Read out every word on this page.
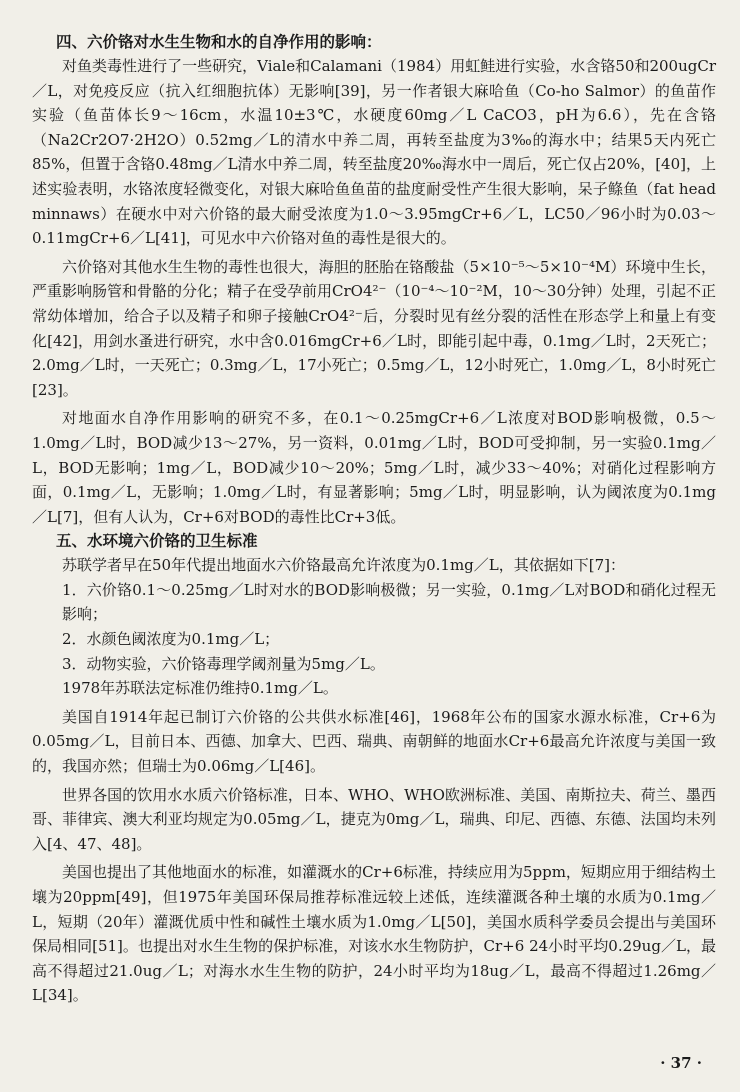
四、六价铬对水生生物和水的自净作用的影响：

对鱼类毒性进行了一些研究，Viale和Calamani（1984）用虹鲑进行实验，水含铬50和200ugCr／L，对免疫反应（抗入红细胞抗体）无影响[39]，另一作者银大麻哈鱼（Co-ho Salmor）的鱼苗作实验（鱼苗体长9～16cm，水温10±3℃，水硬度60mg／L CaCO3，pH为6.6），先在含铬（Na2Cr2O7·2H2O）0.52mg／L的清水中养二周，再转至盐度为3‰的海水中；结果5天内死亡85%，但置于含铬0.48mg／L清水中养二周，转至盐度20‰海水中一周后，死亡仅占20%，[40]，上述实验表明，水铬浓度轻微变化，对银大麻哈鱼鱼苗的盐度耐受性产生很大影响，呆子鲦鱼（fat head minnaws）在硬水中对六价铬的最大耐受浓度为1.0～3.95mgCr+6／L，LC50／96小时为0.03～0.11mgCr+6／L[41]，可见水中六价铬对鱼的毒性是很大的。

六价铬对其他水生生物的毒性也很大，海胆的胚胎在铬酸盐（5×10⁻⁵～5×10⁻⁴M）环境中生长，严重影响肠管和骨骼的分化；精子在受孕前用CrO4²⁻（10⁻⁴～10⁻²M，10～30分钟）处理，引起不正常幼体增加，给合子以及精子和卵子接触CrO4²⁻后，分裂时见有丝分裂的活性在形态学上和量上有变化[42]，用剑水蚤进行研究，水中含0.016mgCr+6／L时，即能引起中毒，0.1mg／L时，2天死亡；2.0mg／L时，一天死亡；0.3mg／L，17小死亡；0.5mg／L，12小时死亡，1.0mg／L，8小时死亡[23]。

对地面水自净作用影响的研究不多，在0.1～0.25mgCr+6／L浓度对BOD影响极微，0.5～1.0mg／L时，BOD减少13～27%，另一资料，0.01mg／L时，BOD可受抑制，另一实验0.1mg／L，BOD无影响；1mg／L，BOD减少10～20%；5mg／L时，减少33～40%；对硝化过程影响方面，0.1mg／L，无影响；1.0mg／L时，有显著影响；5mg／L时，明显影响，认为阈浓度为0.1mg／L[7]，但有人认为，Cr+6对BOD的毒性比Cr+3低。

五、水环境六价铬的卫生标准

苏联学者早在50年代提出地面水六价铬最高允许浓度为0.1mg／L，其依据如下[7]：

1．六价铬0.1～0.25mg／L时对水的BOD影响极微；另一实验，0.1mg／L对BOD和硝化过程无影响；

2．水颜色阈浓度为0.1mg／L；

3．动物实验，六价铬毒理学阈剂量为5mg／L。

1978年苏联法定标准仍维持0.1mg／L。

美国自1914年起已制订六价铬的公共供水标准[46]，1968年公布的国家水源水标准，Cr+6为0.05mg／L，目前日本、西德、加拿大、巴西、瑞典、南朝鲜的地面水Cr+6最高允许浓度与美国一致的，我国亦然；但瑞士为0.06mg／L[46]。

世界各国的饮用水水质六价铬标准，日本、WHO、WHO欧洲标准、美国、南斯拉夫、荷兰、墨西哥、菲律宾、澳大利亚均规定为0.05mg／L，捷克为0mg／L，瑞典、印尼、西德、东德、法国均未列入[4、47、48]。

美国也提出了其他地面水的标准，如灌溉水的Cr+6标准，持续应用为5ppm，短期应用于细结构土壤为20ppm[49]，但1975年美国环保局推荐标准远较上述低，连续灌溉各种土壤的水质为0.1mg／L，短期（20年）灌溉优质中性和碱性土壤水质为1.0mg／L[50]，美国水质科学委员会提出与美国环保局相同[51]。也提出对水生生物的保护标准，对该水水生物防护，Cr+6 24小时平均0.29ug／L，最高不得超过21.0ug／L；对海水水生生物的防护，24小时平均为18ug／L，最高不得超过1.26mg／L[34]。

· 37 ·
